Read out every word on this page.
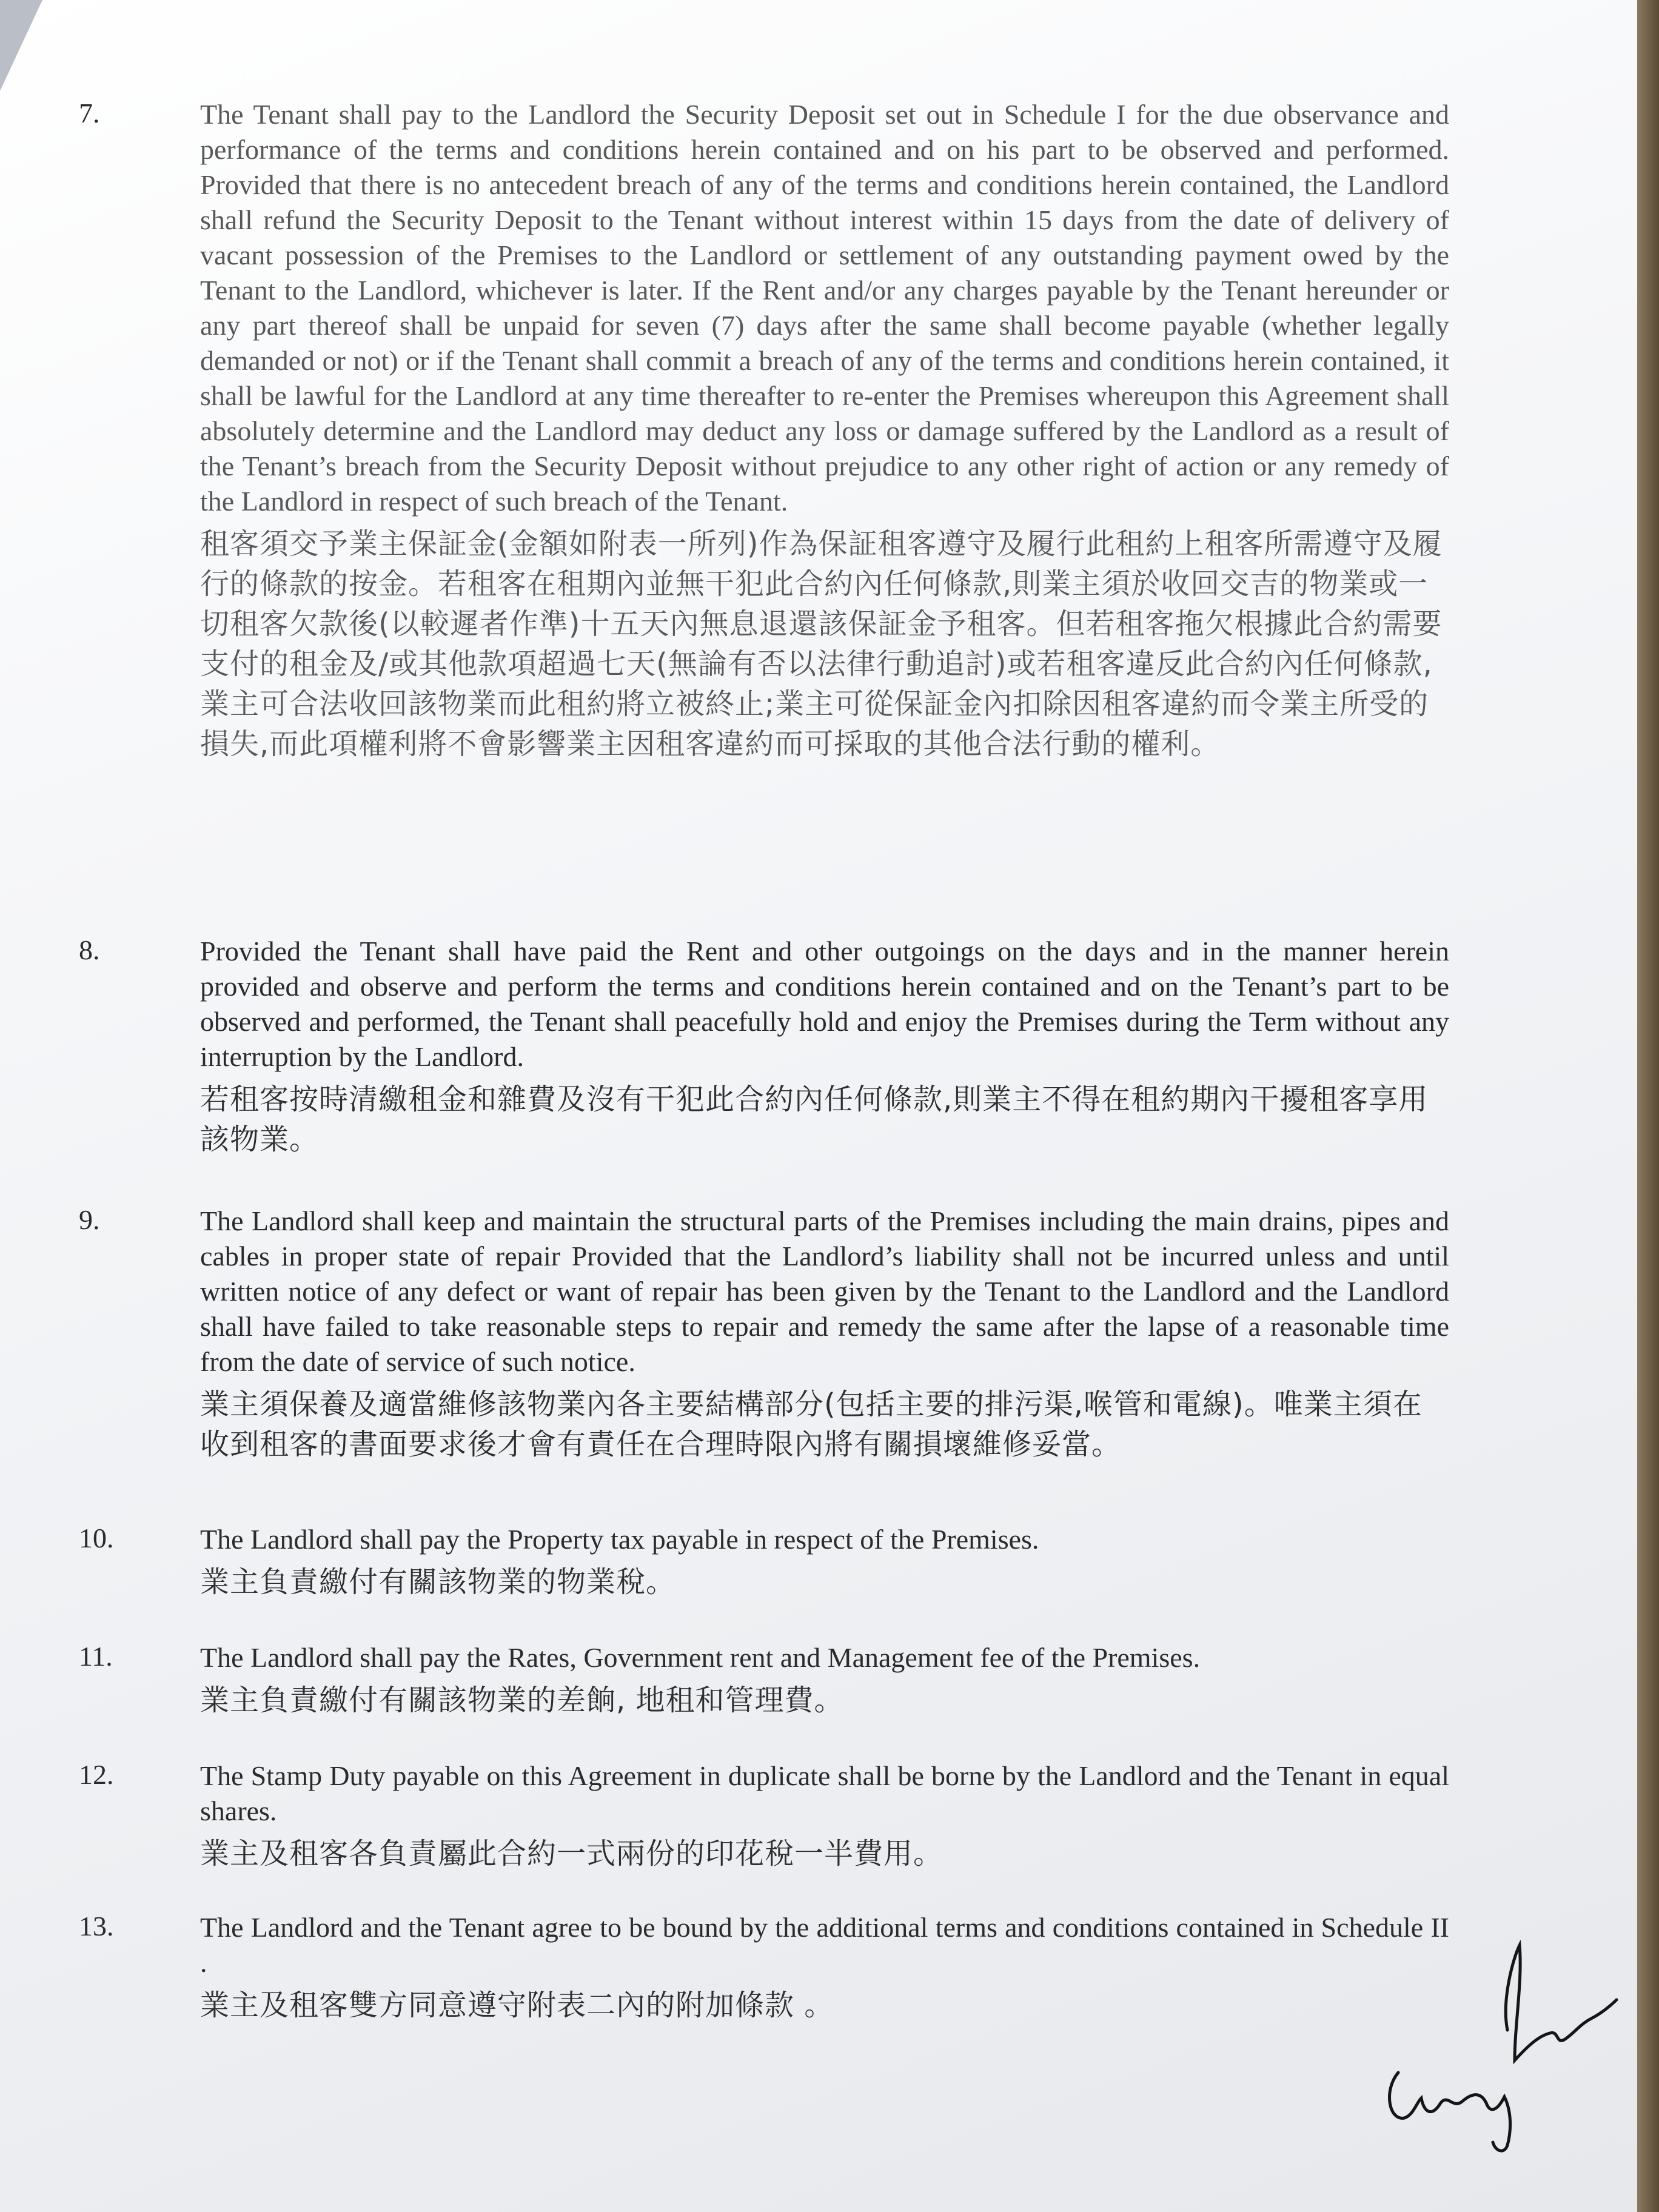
7.	The Tenant shall pay to the Landlord the Security Deposit set out in Schedule I for the due observance and performance of the terms and conditions herein contained and on his part to be observed and performed. Provided that there is no antecedent breach of any of the terms and conditions herein contained, the Landlord shall refund the Security Deposit to the Tenant without interest within 15 days from the date of delivery of vacant possession of the Premises to the Landlord or settlement of any outstanding payment owed by the Tenant to the Landlord, whichever is later. If the Rent and/or any charges payable by the Tenant hereunder or any part thereof shall be unpaid for seven (7) days after the same shall become payable (whether legally demanded or not) or if the Tenant shall commit a breach of any of the terms and conditions herein contained, it shall be lawful for the Landlord at any time thereafter to re-enter the Premises whereupon this Agreement shall absolutely determine and the Landlord may deduct any loss or damage suffered by the Landlord as a result of the Tenant’s breach from the Security Deposit without prejudice to any other right of action or any remedy of the Landlord in respect of such breach of the Tenant.

租客須交予業主保証金(金額如附表一所列)作為保証租客遵守及履行此租約上租客所需遵守及履行的條款的按金。若租客在租期內並無干犯此合約內任何條款,則業主須於收回交吉的物業或一切租客欠款後(以較遲者作準)十五天內無息退還該保証金予租客。但若租客拖欠根據此合約需要支付的租金及/或其他款項超過七天(無論有否以法律行動追討)或若租客違反此合約內任何條款,業主可合法收回該物業而此租約將立被終止;業主可從保証金內扣除因租客違約而令業主所受的損失,而此項權利將不會影響業主因租客違約而可採取的其他合法行動的權利。

8.	Provided the Tenant shall have paid the Rent and other outgoings on the days and in the manner herein provided and observe and perform the terms and conditions herein contained and on the Tenant’s part to be observed and performed, the Tenant shall peacefully hold and enjoy the Premises during the Term without any interruption by the Landlord.

若租客按時清繳租金和雜費及沒有干犯此合約內任何條款,則業主不得在租約期內干擾租客享用該物業。

9.	The Landlord shall keep and maintain the structural parts of the Premises including the main drains, pipes and cables in proper state of repair Provided that the Landlord’s liability shall not be incurred unless and until written notice of any defect or want of repair has been given by the Tenant to the Landlord and the Landlord shall have failed to take reasonable steps to repair and remedy the same after the lapse of a reasonable time from the date of service of such notice.

業主須保養及適當維修該物業內各主要結構部分(包括主要的排污渠,喉管和電線)。唯業主須在收到租客的書面要求後才會有責任在合理時限內將有關損壞維修妥當。

10.	The Landlord shall pay the Property tax payable in respect of the Premises.

業主負責繳付有關該物業的物業稅。

11.	The Landlord shall pay the Rates, Government rent and Management fee of the Premises.

業主負責繳付有關該物業的差餉, 地租和管理費。

12.	The Stamp Duty payable on this Agreement in duplicate shall be borne by the Landlord and the Tenant in equal shares.

業主及租客各負責屬此合約一式兩份的印花稅一半費用。

13.	The Landlord and the Tenant agree to be bound by the additional terms and conditions contained in Schedule II .

業主及租客雙方同意遵守附表二內的附加條款 。
